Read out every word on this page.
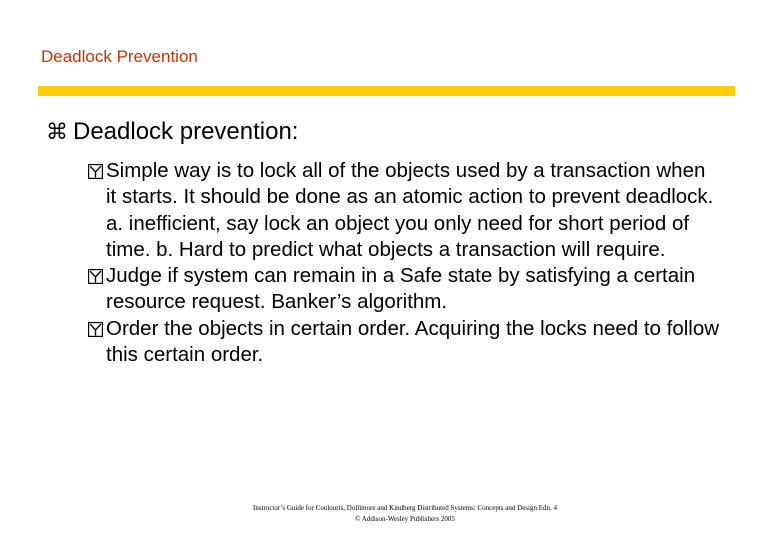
Deadlock Prevention
⌘ Deadlock prevention:
Simple way is to lock all of the objects used by a transaction when it starts. It should be done as an atomic action to prevent deadlock. a. inefficient, say lock an object you only need for short period of time. b. Hard to predict what objects a transaction will require.
Judge if system can remain in a Safe state by satisfying a certain resource request. Banker’s algorithm.
Order the objects in certain order. Acquiring the locks need to follow this certain order.
Instructor’s Guide for Coulouris, Dollimore and Kindberg Distributed Systems: Concepts and Design Edn. 4
© Addison-Wesley Publishers 2005
